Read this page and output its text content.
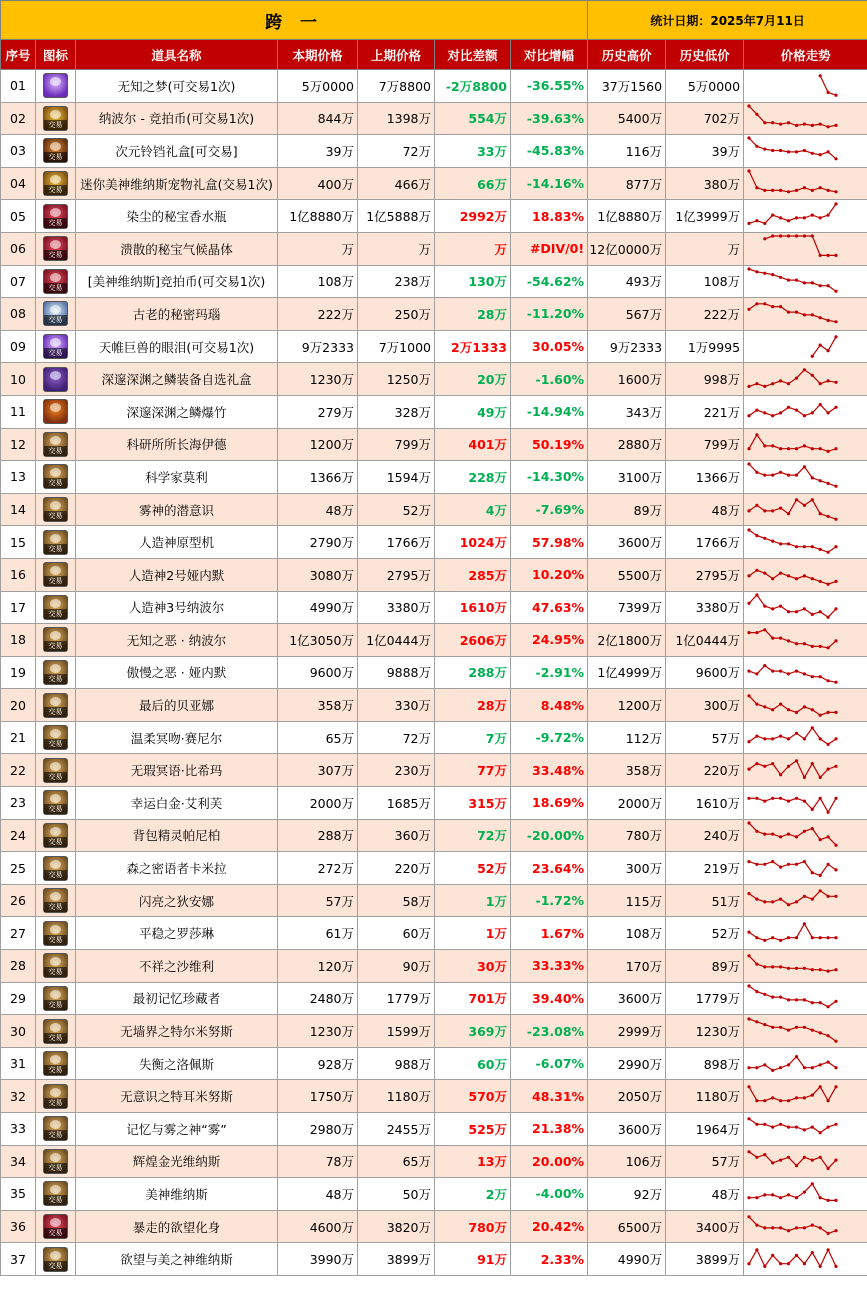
跨 一							统计日期：2025年7月11日		
序号	图标	道具名称	本期价格	上期价格	对比差额	对比增幅	历史高价	历史低价	价格走势
01		无知之梦(可交易1次)	5万0000	7万8800	-2万8800	-36.55%	37万1560	5万0000	

02	交易	纳波尔 - 竞拍币(可交易1次)	844万	1398万	554万	-39.63%	5400万	702万	

03	交易	次元铃铛礼盒[可交易]	39万	72万	33万	-45.83%	116万	39万	

04	交易	迷你美神维纳斯宠物礼盒(交易1次)	400万	466万	66万	-14.16%	877万	380万	

05	交易	染尘的秘宝香水瓶	1亿8880万	1亿5888万	2992万	18.83%	1亿8880万	1亿3999万	

06	交易	溃散的秘宝气候晶体	万	万	万	#DIV/0!	12亿0000万	万	

07	交易	[美神维纳斯]竞拍币(可交易1次)	108万	238万	130万	-54.62%	493万	108万	

08	交易	古老的秘密玛瑙	222万	250万	28万	-11.20%	567万	222万	

09	交易	天帷巨兽的眼泪(可交易1次)	9万2333	7万1000	2万1333	30.05%	9万2333	1万9995	

10		深邃深渊之鳞装备自选礼盒	1230万	1250万	20万	-1.60%	1600万	998万	

11		深邃深渊之鳞爆竹	279万	328万	49万	-14.94%	343万	221万	

12	交易	科研所所长海伊德	1200万	799万	401万	50.19%	2880万	799万	

13	交易	科学家莫利	1366万	1594万	228万	-14.30%	3100万	1366万	

14	交易	雾神的潜意识	48万	52万	4万	-7.69%	89万	48万	

15	交易	人造神原型机	2790万	1766万	1024万	57.98%	3600万	1766万	

16	交易	人造神2号娅内默	3080万	2795万	285万	10.20%	5500万	2795万	

17	交易	人造神3号纳波尔	4990万	3380万	1610万	47.63%	7399万	3380万	

18	交易	无知之恶 · 纳波尔	1亿3050万	1亿0444万	2606万	24.95%	2亿1800万	1亿0444万	

19	交易	傲慢之恶 · 娅内默	9600万	9888万	288万	-2.91%	1亿4999万	9600万	

20	交易	最后的贝亚娜	358万	330万	28万	8.48%	1200万	300万	

21	交易	温柔冥吻·赛尼尔	65万	72万	7万	-9.72%	112万	57万	

22	交易	无瑕冥语·比希玛	307万	230万	77万	33.48%	358万	220万	

23	交易	幸运白金·艾利芙	2000万	1685万	315万	18.69%	2000万	1610万	

24	交易	背包精灵帕尼柏	288万	360万	72万	-20.00%	780万	240万	

25	交易	森之密语者卡米拉	272万	220万	52万	23.64%	300万	219万	

26	交易	闪亮之狄安娜	57万	58万	1万	-1.72%	115万	51万	

27	交易	平稳之罗莎琳	61万	60万	1万	1.67%	108万	52万	

28	交易	不祥之沙维利	120万	90万	30万	33.33%	170万	89万	

29	交易	最初记忆珍藏者	2480万	1779万	701万	39.40%	3600万	1779万	

30	交易	无墙界之特尔米努斯	1230万	1599万	369万	-23.08%	2999万	1230万	

31	交易	失衡之洛佩斯	928万	988万	60万	-6.07%	2990万	898万	

32	交易	无意识之特耳米努斯	1750万	1180万	570万	48.31%	2050万	1180万	

33	交易	记忆与雾之神“雾”	2980万	2455万	525万	21.38%	3600万	1964万	

34	交易	辉煌金光维纳斯	78万	65万	13万	20.00%	106万	57万	

35	交易	美神维纳斯	48万	50万	2万	-4.00%	92万	48万	

36	交易	暴走的欲望化身	4600万	3820万	780万	20.42%	6500万	3400万	

37	交易	欲望与美之神维纳斯	3990万	3899万	91万	2.33%	4990万	3899万	
